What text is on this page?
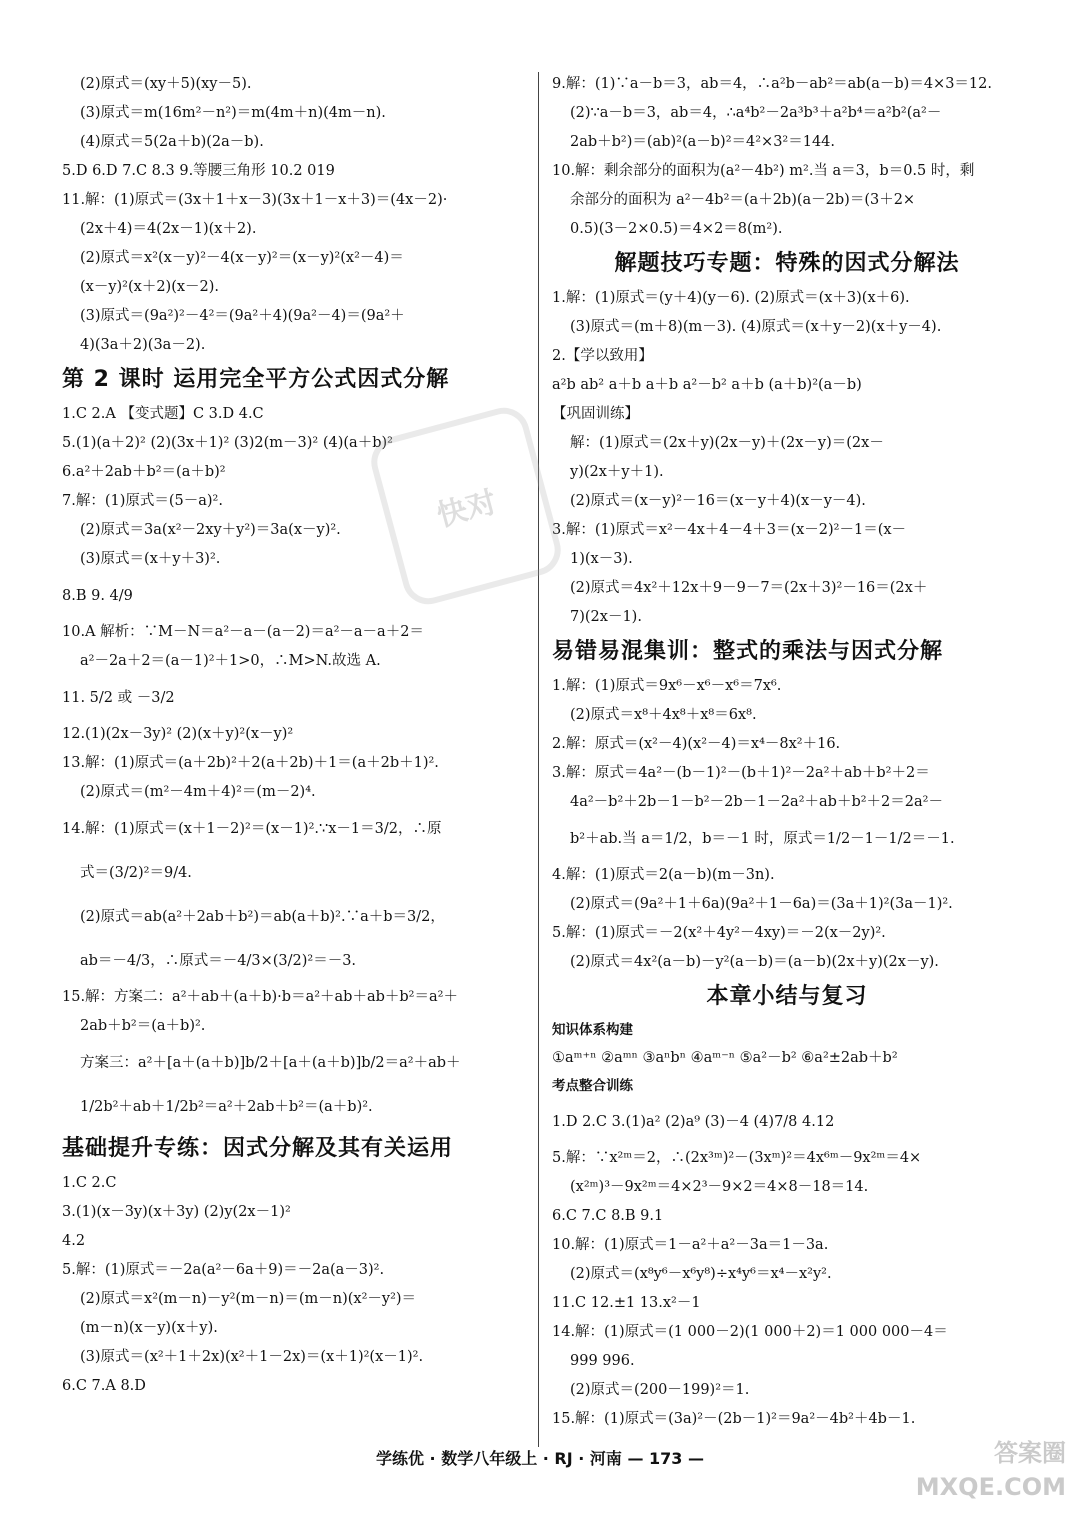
(2)原式＝(xy＋5)(xy－5).
(3)原式＝m(16m²－n²)＝m(4m＋n)(4m－n).
(4)原式＝5(2a＋b)(2a－b).
5.D 6.D 7.C 8.3 9.等腰三角形 10.2 019
11.解：(1)原式＝(3x＋1＋x－3)(3x＋1－x＋3)＝(4x－2)·
(2x＋4)＝4(2x－1)(x＋2).
(2)原式＝x²(x－y)²－4(x－y)²＝(x－y)²(x²－4)＝
(x－y)²(x＋2)(x－2).
(3)原式＝(9a²)²－4²＝(9a²＋4)(9a²－4)＝(9a²＋
4)(3a＋2)(3a－2).
第 2 课时 运用完全平方公式因式分解
1.C 2.A 【变式题】C 3.D 4.C
5.(1)(a＋2)² (2)(3x＋1)² (3)2(m－3)² (4)(a＋b)²
6.a²＋2ab＋b²＝(a＋b)²
7.解：(1)原式＝(5－a)².
(2)原式＝3a(x²－2xy＋y²)＝3a(x－y)².
(3)原式＝(x＋y＋3)².
8.B 9. 4/9
10.A 解析：∵M－N＝a²－a－(a－2)＝a²－a－a＋2＝
a²－2a＋2＝(a－1)²＋1>0，∴M>N.故选 A.
11. 5/2 或 －3/2
12.(1)(2x－3y)² (2)(x＋y)²(x－y)²
13.解：(1)原式＝(a＋2b)²＋2(a＋2b)＋1＝(a＋2b＋1)².
(2)原式＝(m²－4m＋4)²＝(m－2)⁴.
14.解：(1)原式＝(x＋1－2)²＝(x－1)².∵x－1＝3/2，∴原
式＝(3/2)²＝9/4.
(2)原式＝ab(a²＋2ab＋b²)＝ab(a＋b)².∵a＋b＝3/2，
ab＝－4/3，∴原式＝－4/3×(3/2)²＝－3.
15.解：方案二：a²＋ab＋(a＋b)·b＝a²＋ab＋ab＋b²＝a²＋
2ab＋b²＝(a＋b)².
方案三：a²＋[a＋(a＋b)]b/2＋[a＋(a＋b)]b/2＝a²＋ab＋
1/2b²＋ab＋1/2b²＝a²＋2ab＋b²＝(a＋b)².
基础提升专练：因式分解及其有关运用
1.C 2.C
3.(1)(x－3y)(x＋3y) (2)y(2x－1)²
4.2
5.解：(1)原式＝－2a(a²－6a＋9)＝－2a(a－3)².
(2)原式＝x²(m－n)－y²(m－n)＝(m－n)(x²－y²)＝
(m－n)(x－y)(x＋y).
(3)原式＝(x²＋1＋2x)(x²＋1－2x)＝(x＋1)²(x－1)².
6.C 7.A 8.D
9.解：(1)∵a－b＝3，ab＝4，∴a²b－ab²＝ab(a－b)＝4×3＝12.
(2)∵a－b＝3，ab＝4，∴a⁴b²－2a³b³＋a²b⁴＝a²b²(a²－
2ab＋b²)＝(ab)²(a－b)²＝4²×3²＝144.
10.解：剩余部分的面积为(a²－4b²) m².当 a＝3，b＝0.5 时，剩
余部分的面积为 a²－4b²＝(a＋2b)(a－2b)＝(3＋2×
0.5)(3－2×0.5)＝4×2＝8(m²).
解题技巧专题：特殊的因式分解法
1.解：(1)原式＝(y＋4)(y－6). (2)原式＝(x＋3)(x＋6).
(3)原式＝(m＋8)(m－3). (4)原式＝(x＋y－2)(x＋y－4).
2.【学以致用】
a²b ab² a＋b a＋b a²－b² a＋b (a＋b)²(a－b)
【巩固训练】
解：(1)原式＝(2x＋y)(2x－y)＋(2x－y)＝(2x－
y)(2x＋y＋1).
(2)原式＝(x－y)²－16＝(x－y＋4)(x－y－4).
3.解：(1)原式＝x²－4x＋4－4＋3＝(x－2)²－1＝(x－
1)(x－3).
(2)原式＝4x²＋12x＋9－9－7＝(2x＋3)²－16＝(2x＋
7)(2x－1).
易错易混集训：整式的乘法与因式分解
1.解：(1)原式＝9x⁶－x⁶－x⁶＝7x⁶.
(2)原式＝x⁸＋4x⁸＋x⁸＝6x⁸.
2.解：原式＝(x²－4)(x²－4)＝x⁴－8x²＋16.
3.解：原式＝4a²－(b－1)²－(b＋1)²－2a²＋ab＋b²＋2＝
4a²－b²＋2b－1－b²－2b－1－2a²＋ab＋b²＋2＝2a²－
b²＋ab.当 a＝1/2，b＝－1 时，原式＝1/2－1－1/2＝－1.
4.解：(1)原式＝2(a－b)(m－3n).
(2)原式＝(9a²＋1＋6a)(9a²＋1－6a)＝(3a＋1)²(3a－1)².
5.解：(1)原式＝－2(x²＋4y²－4xy)＝－2(x－2y)².
(2)原式＝4x²(a－b)－y²(a－b)＝(a－b)(2x＋y)(2x－y).
本章小结与复习
知识体系构建
①aᵐ⁺ⁿ ②aᵐⁿ ③aⁿbⁿ ④aᵐ⁻ⁿ ⑤a²－b² ⑥a²±2ab＋b²
考点整合训练
1.D 2.C 3.(1)a² (2)a⁹ (3)－4 (4)7/8 4.12
5.解：∵x²ᵐ＝2，∴(2x³ᵐ)²－(3xᵐ)²＝4x⁶ᵐ－9x²ᵐ＝4×
(x²ᵐ)³－9x²ᵐ＝4×2³－9×2＝4×8－18＝14.
6.C 7.C 8.B 9.1
10.解：(1)原式＝1－a²＋a²－3a＝1－3a.
(2)原式＝(x⁸y⁶－x⁶y⁸)÷x⁴y⁶＝x⁴－x²y².
11.C 12.±1 13.x²－1
14.解：(1)原式＝(1 000－2)(1 000＋2)＝1 000 000－4＝
999 996.
(2)原式＝(200－199)²＝1.
15.解：(1)原式＝(3a)²－(2b－1)²＝9a²－4b²＋4b－1.
快对
学练优 · 数学八年级上 · RJ · 河南 — 173 —	答案圈 MXQE.COM
